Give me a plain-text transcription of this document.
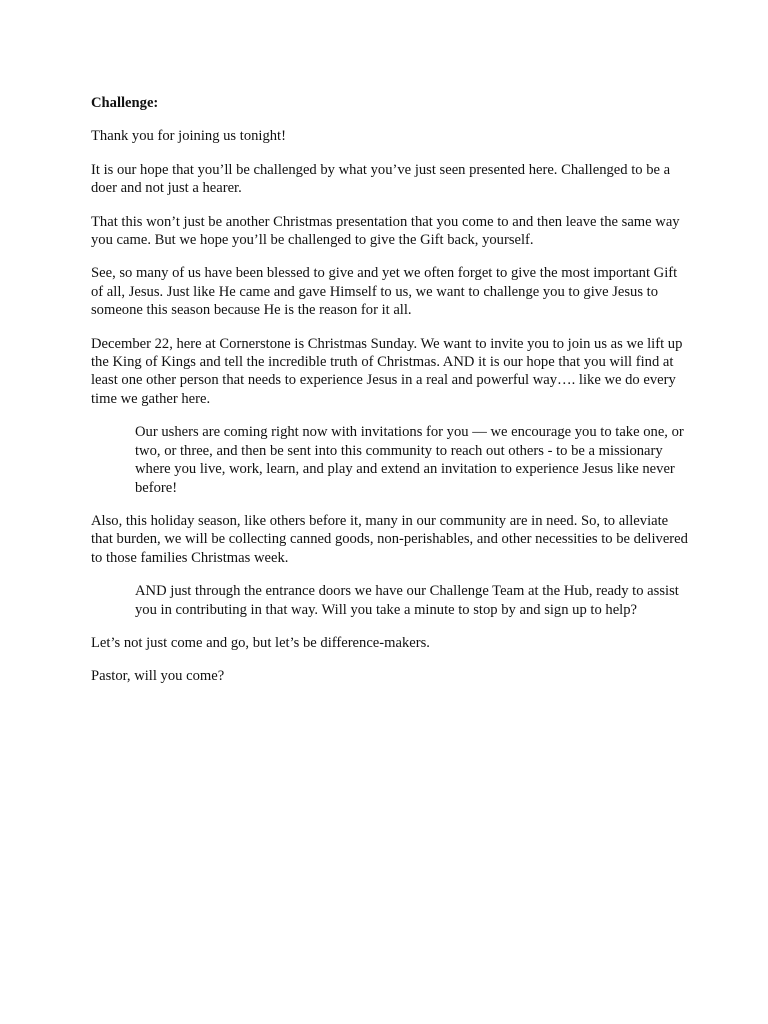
Challenge:

Thank you for joining us tonight!

It is our hope that you’ll be challenged by what you’ve just seen presented here. Challenged to be a doer and not just a hearer.

That this won’t just be another Christmas presentation that you come to and then leave the same way you came. But we hope you’ll be challenged to give the Gift back, yourself.

See, so many of us have been blessed to give and yet we often forget to give the most important Gift of all, Jesus. Just like He came and gave Himself to us, we want to challenge you to give Jesus to someone this season because He is the reason for it all.

December 22, here at Cornerstone is Christmas Sunday. We want to invite you to join us as we lift up the King of Kings and tell the incredible truth of Christmas. AND it is our hope that you will find at least one other person that needs to experience Jesus in a real and powerful way…. like we do every time we gather here.

Our ushers are coming right now with invitations for you — we encourage you to take one, or two, or three, and then be sent into this community to reach out others - to be a missionary where you live, work, learn, and play and extend an invitation to experience Jesus like never before!

Also, this holiday season, like others before it, many in our community are in need. So, to alleviate that burden, we will be collecting canned goods, non-perishables, and other necessities to be delivered to those families Christmas week.

AND just through the entrance doors we have our Challenge Team at the Hub, ready to assist you in contributing in that way. Will you take a minute to stop by and sign up to help?

Let’s not just come and go, but let’s be difference-makers.

Pastor, will you come?
